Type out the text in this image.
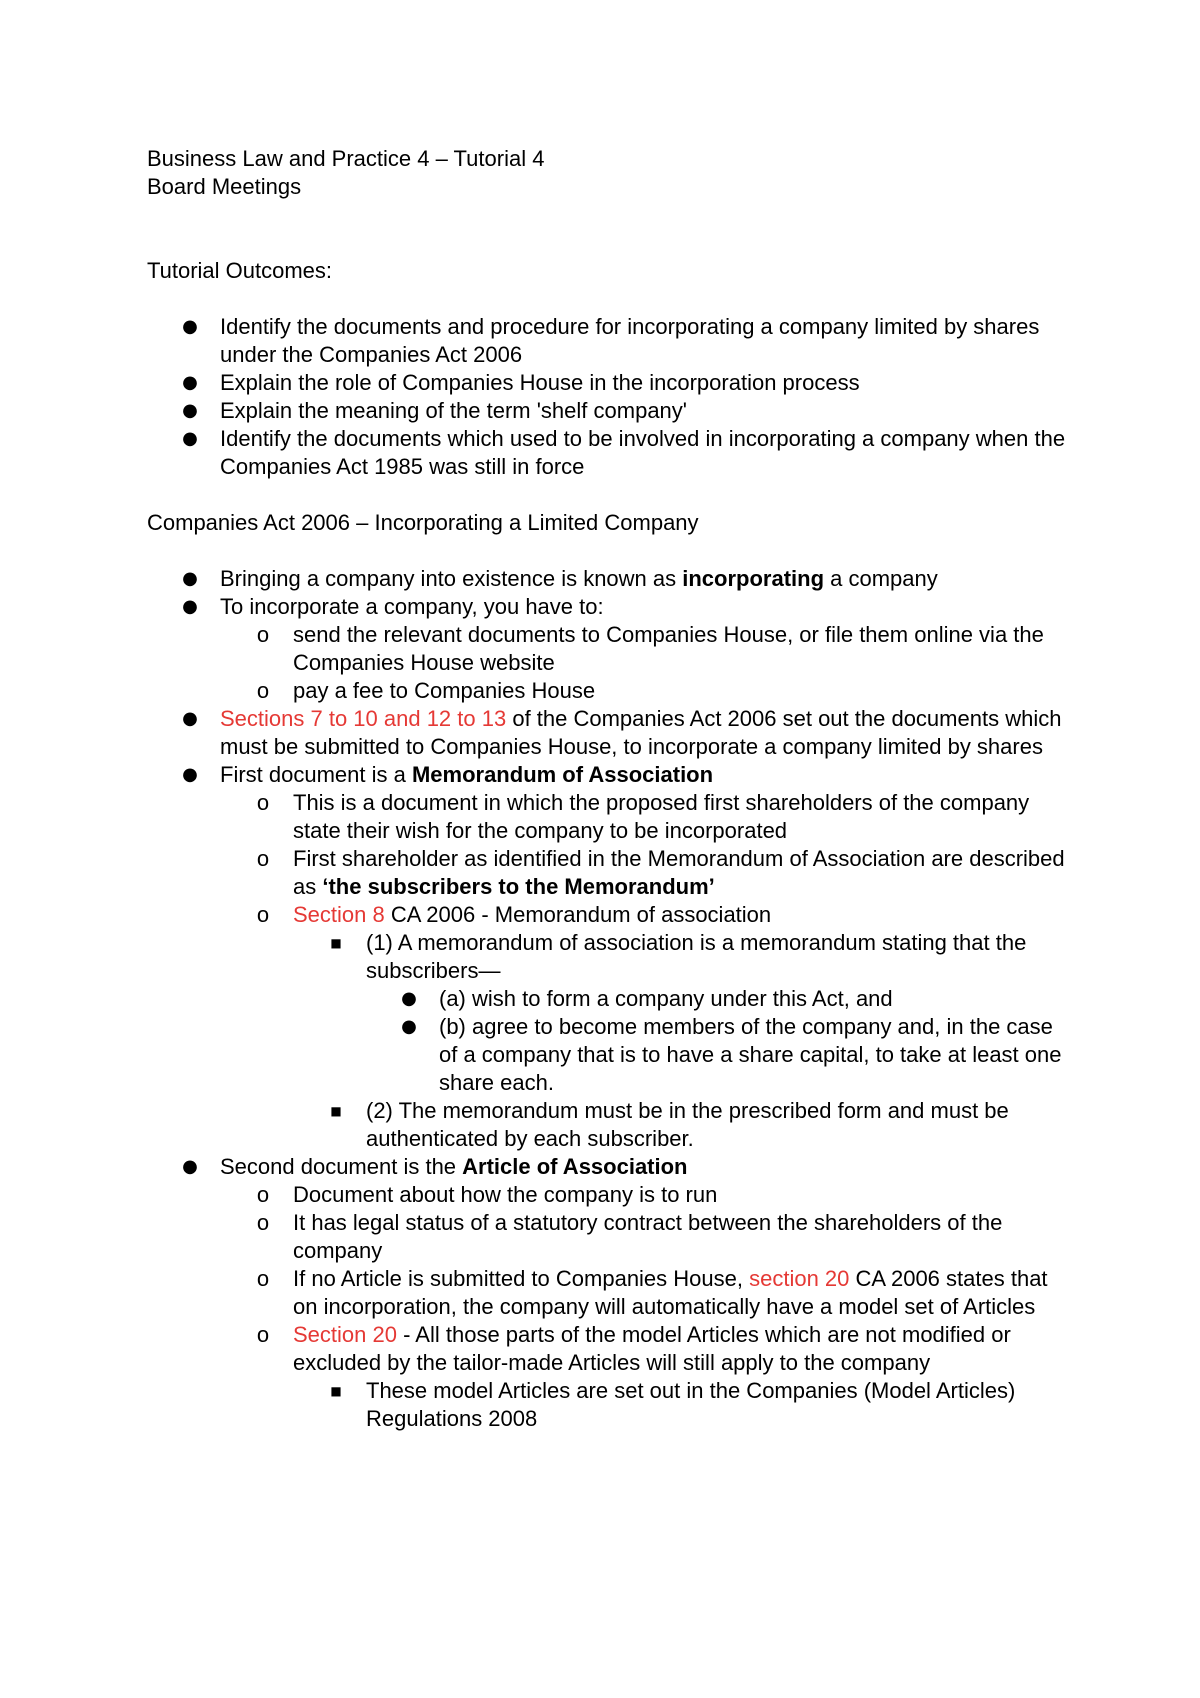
Business Law and Practice 4 – Tutorial 4
Board Meetings
Tutorial Outcomes:
● Identify the documents and procedure for incorporating a company limited by shares under the Companies Act 2006
● Explain the role of Companies House in the incorporation process
● Explain the meaning of the term 'shelf company'
● Identify the documents which used to be involved in incorporating a company when the Companies Act 1985 was still in force
Companies Act 2006 – Incorporating a Limited Company
● Bringing a company into existence is known as incorporating a company
● To incorporate a company, you have to:
o send the relevant documents to Companies House, or file them online via the Companies House website
o pay a fee to Companies House
● Sections 7 to 10 and 12 to 13 of the Companies Act 2006 set out the documents which must be submitted to Companies House, to incorporate a company limited by shares
● First document is a Memorandum of Association
o This is a document in which the proposed first shareholders of the company state their wish for the company to be incorporated
o First shareholder as identified in the Memorandum of Association are described as ‘the subscribers to the Memorandum’
o Section 8 CA 2006 - Memorandum of association
■ (1) A memorandum of association is a memorandum stating that the subscribers—
● (a) wish to form a company under this Act, and
● (b) agree to become members of the company and, in the case of a company that is to have a share capital, to take at least one share each.
■ (2) The memorandum must be in the prescribed form and must be authenticated by each subscriber.
● Second document is the Article of Association
o Document about how the company is to run
o It has legal status of a statutory contract between the shareholders of the company
o If no Article is submitted to Companies House, section 20 CA 2006 states that on incorporation, the company will automatically have a model set of Articles
o Section 20 - All those parts of the model Articles which are not modified or excluded by the tailor-made Articles will still apply to the company
■ These model Articles are set out in the Companies (Model Articles) Regulations 2008
